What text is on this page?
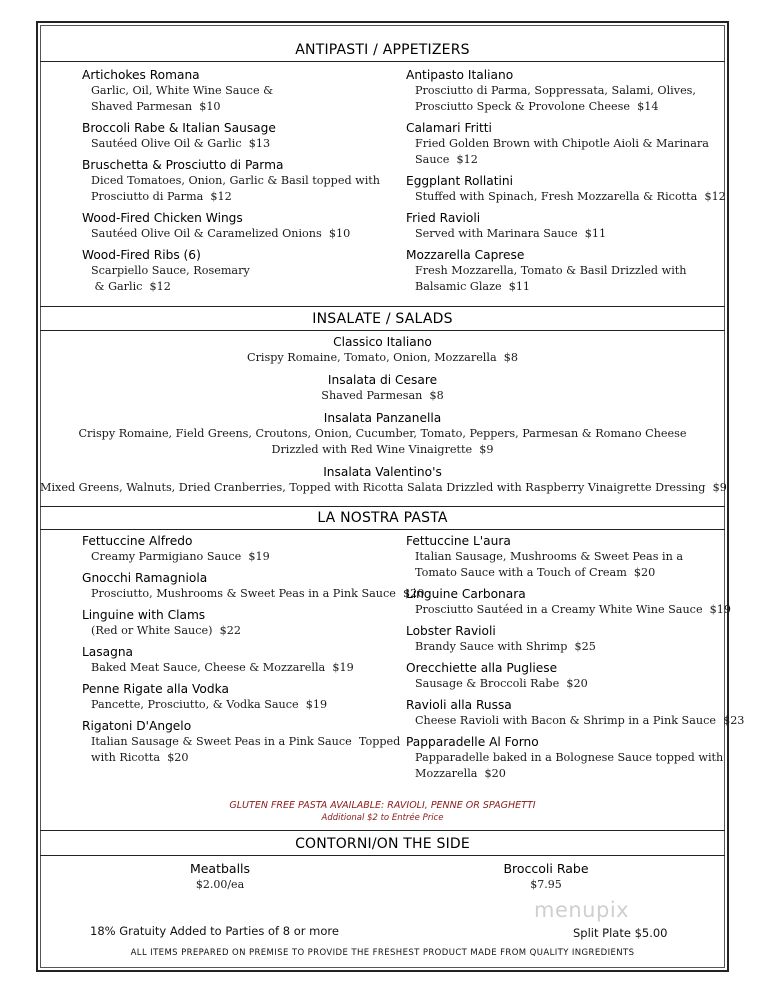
ANTIPASTI / APPETIZERS
Artichokes Romana
Garlic, Oil, White Wine Sauce &
Shaved Parmesan  $10
Broccoli Rabe & Italian Sausage
Sautéed Olive Oil & Garlic  $13
Bruschetta & Prosciutto di Parma
Diced Tomatoes, Onion, Garlic & Basil topped with
Prosciutto di Parma  $12
Wood-Fired Chicken Wings
Sautéed Olive Oil & Caramelized Onions  $10
Wood-Fired Ribs (6)
Scarpiello Sauce, Rosemary
& Garlic  $12
Antipasto Italiano
Prosciutto di Parma, Soppressata, Salami, Olives,
Prosciutto Speck & Provolone Cheese  $14
Calamari Fritti
Fried Golden Brown with Chipotle Aioli & Marinara
Sauce  $12
Eggplant Rollatini
Stuffed with Spinach, Fresh Mozzarella & Ricotta  $12
Fried Ravioli
Served with Marinara Sauce  $11
Mozzarella Caprese
Fresh Mozzarella, Tomato & Basil Drizzled with
Balsamic Glaze  $11
INSALATE / SALADS
Classico Italiano
Crispy Romaine, Tomato, Onion, Mozzarella  $8
Insalata di Cesare
Shaved Parmesan  $8
Insalata Panzanella
Crispy Romaine, Field Greens, Croutons, Onion, Cucumber, Tomato, Peppers, Parmesan & Romano Cheese
Drizzled with Red Wine Vinaigrette  $9
Insalata Valentino's
Mixed Greens, Walnuts, Dried Cranberries, Topped with Ricotta Salata Drizzled with Raspberry Vinaigrette Dressing  $9
LA NOSTRA PASTA
Fettuccine Alfredo
Creamy Parmigiano Sauce  $19
Gnocchi Ramagniola
Prosciutto, Mushrooms & Sweet Peas in a Pink Sauce  $20
Linguine with Clams
(Red or White Sauce)  $22
Lasagna
Baked Meat Sauce, Cheese & Mozzarella  $19
Penne Rigate alla Vodka
Pancette, Prosciutto, & Vodka Sauce  $19
Rigatoni D'Angelo
Italian Sausage & Sweet Peas in a Pink Sauce  Topped
with Ricotta  $20
Fettuccine L'aura
Italian Sausage, Mushrooms & Sweet Peas in a
Tomato Sauce with a Touch of Cream  $20
Linguine Carbonara
Prosciutto Sautéed in a Creamy White Wine Sauce  $19
Lobster Ravioli
Brandy Sauce with Shrimp  $25
Orecchiette alla Pugliese
Sausage & Broccoli Rabe  $20
Ravioli alla Russa
Cheese Ravioli with Bacon & Shrimp in a Pink Sauce  $23
Papparadelle Al Forno
Papparadelle baked in a Bolognese Sauce topped with
Mozzarella  $20
GLUTEN FREE PASTA AVAILABLE: RAVIOLI, PENNE OR SPAGHETTI
Additional $2 to Entrée Price
CONTORNI/ON THE SIDE
Meatballs
$2.00/ea
Broccoli Rabe
$7.95
menupix
18% Gratuity Added to Parties of 8 or more	Split Plate $5.00
ALL ITEMS PREPARED ON PREMISE TO PROVIDE THE FRESHEST PRODUCT MADE FROM QUALITY INGREDIENTS
